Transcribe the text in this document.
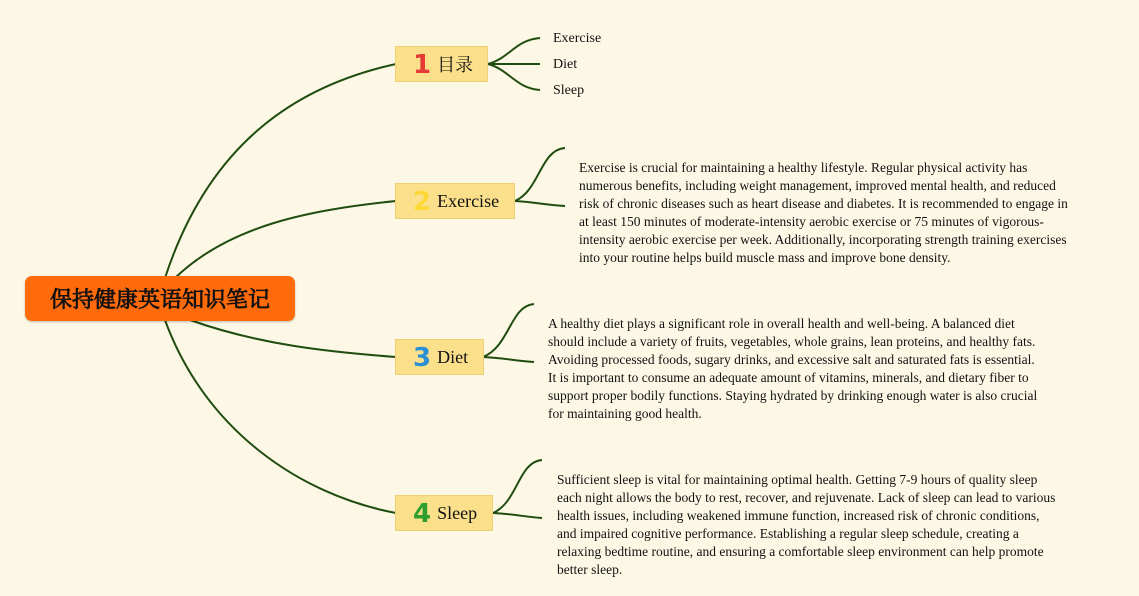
保持健康英语知识笔记
1 目录
2 Exercise
3 Diet
4 Sleep
Exercise
Diet
Sleep
Exercise is crucial for maintaining a healthy lifestyle. Regular physical activity has numerous benefits, including weight management, improved mental health, and reduced risk of chronic diseases such as heart disease and diabetes. It is recommended to engage in at least 150 minutes of moderate-intensity aerobic exercise or 75 minutes of vigorous-intensity aerobic exercise per week. Additionally, incorporating strength training exercises into your routine helps build muscle mass and improve bone density.
A healthy diet plays a significant role in overall health and well-being. A balanced diet should include a variety of fruits, vegetables, whole grains, lean proteins, and healthy fats. Avoiding processed foods, sugary drinks, and excessive salt and saturated fats is essential. It is important to consume an adequate amount of vitamins, minerals, and dietary fiber to support proper bodily functions. Staying hydrated by drinking enough water is also crucial for maintaining good health.
Sufficient sleep is vital for maintaining optimal health. Getting 7-9 hours of quality sleep each night allows the body to rest, recover, and rejuvenate. Lack of sleep can lead to various health issues, including weakened immune function, increased risk of chronic conditions, and impaired cognitive performance. Establishing a regular sleep schedule, creating a relaxing bedtime routine, and ensuring a comfortable sleep environment can help promote better sleep.
